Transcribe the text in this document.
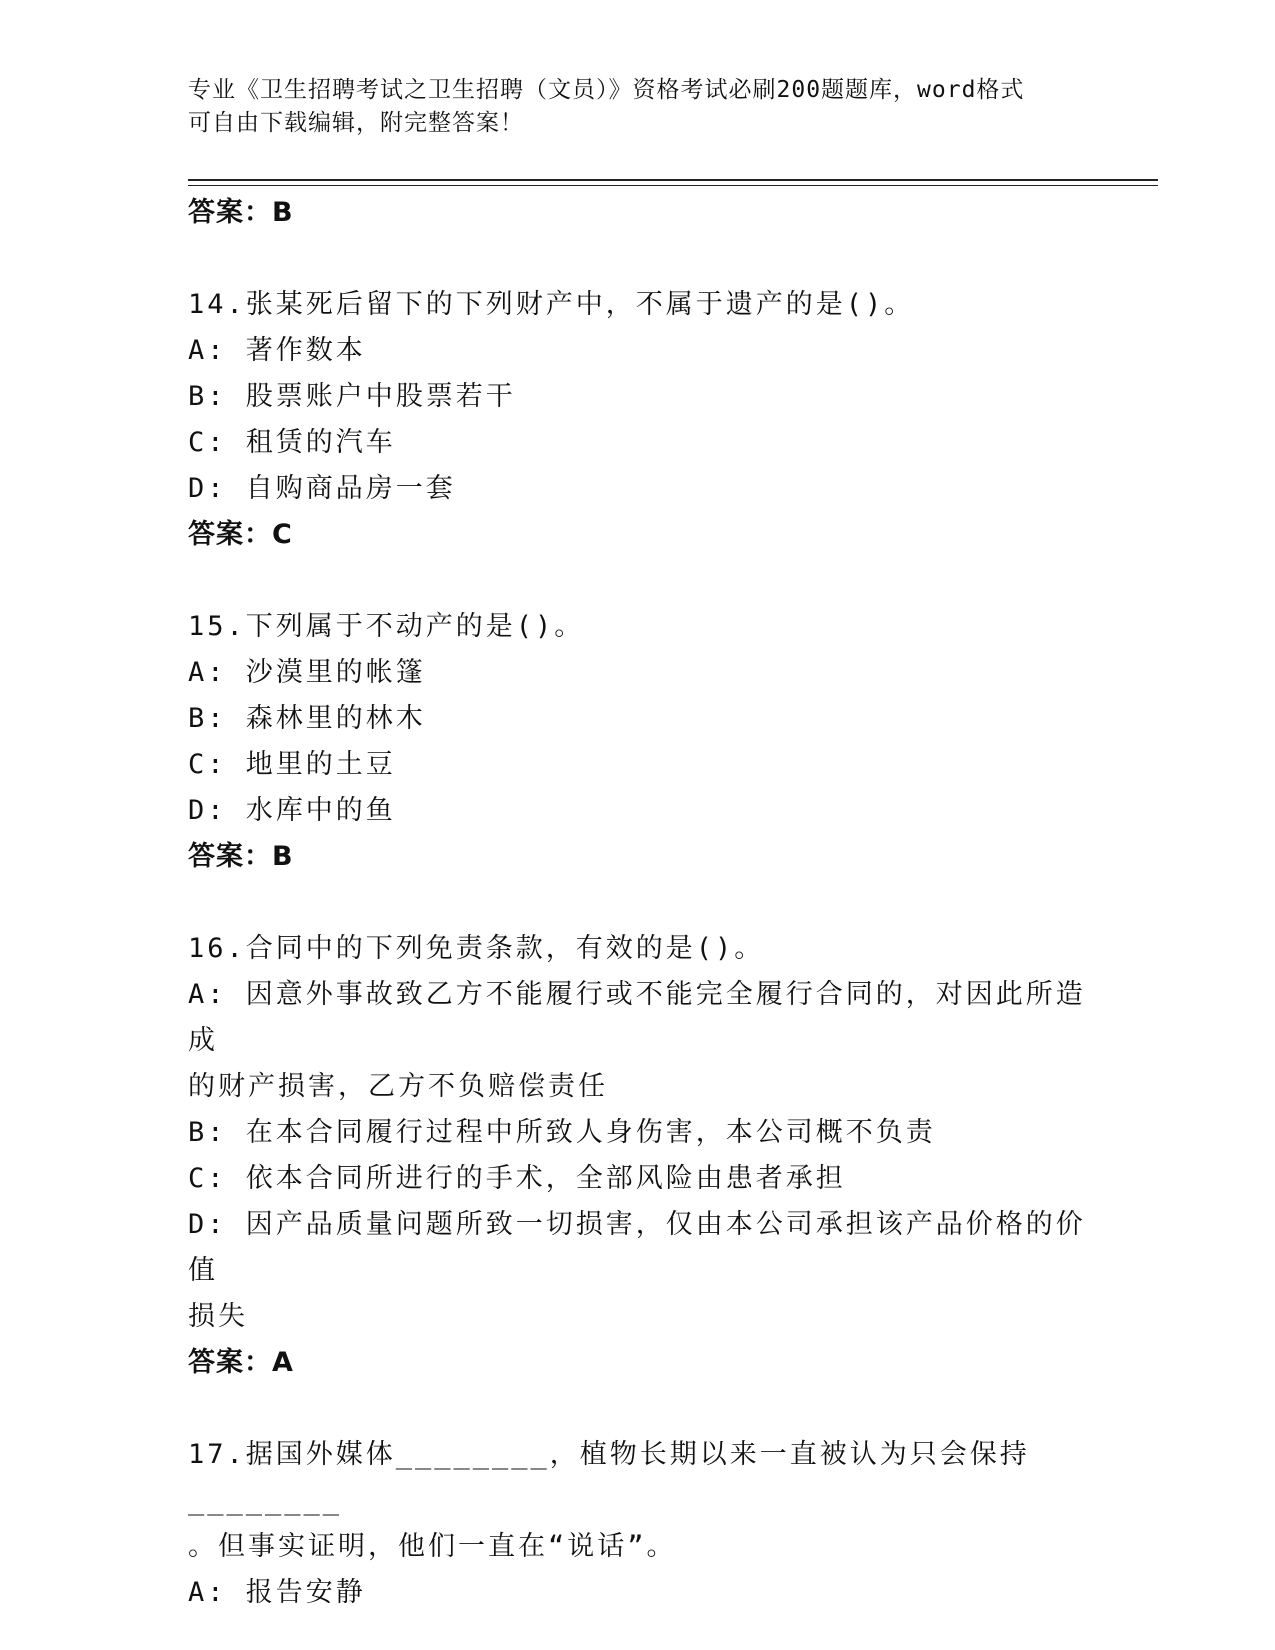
专业《卫生招聘考试之卫生招聘（文员）》资格考试必刷200题题库，word格式
可自由下载编辑，附完整答案！
答案：B
14.张某死后留下的下列财产中，不属于遗产的是()。
A: 著作数本
B: 股票账户中股票若干
C: 租赁的汽车
D: 自购商品房一套
答案：C
15.下列属于不动产的是()。
A: 沙漠里的帐篷
B: 森林里的林木
C: 地里的土豆
D: 水库中的鱼
答案：B
16.合同中的下列免责条款，有效的是()。
A: 因意外事故致乙方不能履行或不能完全履行合同的，对因此所造成
的财产损害，乙方不负赔偿责任
B: 在本合同履行过程中所致人身伤害，本公司概不负责
C: 依本合同所进行的手术，全部风险由患者承担
D: 因产品质量问题所致一切损害，仅由本公司承担该产品价格的价值
损失
答案：A
17.据国外媒体________，植物长期以来一直被认为只会保持________
。但事实证明，他们一直在“说话”。
A: 报告安静
